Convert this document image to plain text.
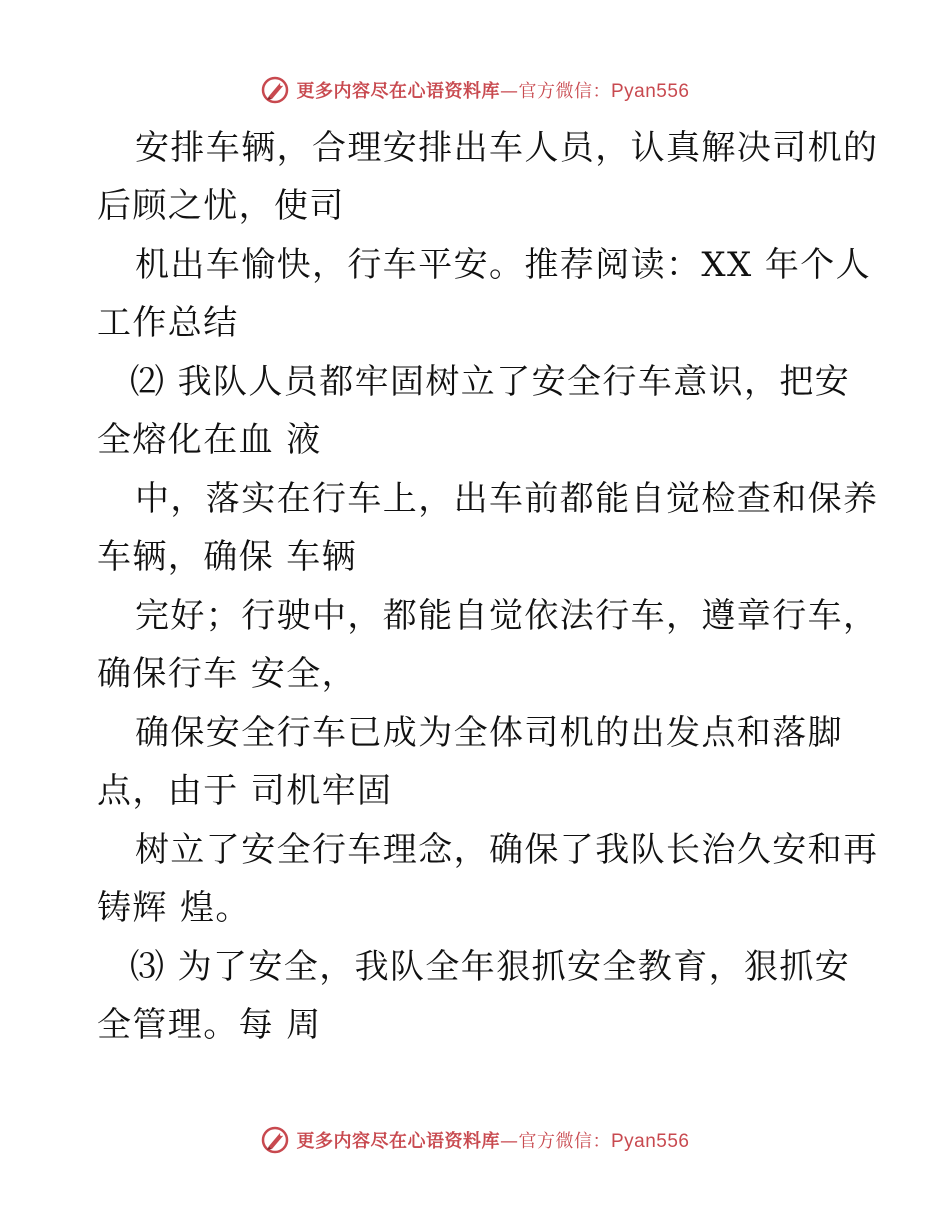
更多内容尽在心语资料库—官方微信：Pyan556
安排车辆，合理安排出车人员，认真解决司机的
后顾之忧，使司
机出车愉快，行车平安。推荐阅读：XX 年个人
工作总结
⑵ 我队人员都牢固树立了安全行车意识，把安
全熔化在血 液
中，落实在行车上，出车前都能自觉检查和保养
车辆，确保 车辆
完好；行驶中，都能自觉依法行车，遵章行车，
确保行车 安全，
确保安全行车已成为全体司机的出发点和落脚
点，由于 司机牢固
树立了安全行车理念，确保了我队长治久安和再
铸辉 煌。
⑶ 为了安全，我队全年狠抓安全教育，狠抓安
全管理。每 周
更多内容尽在心语资料库—官方微信：Pyan556
